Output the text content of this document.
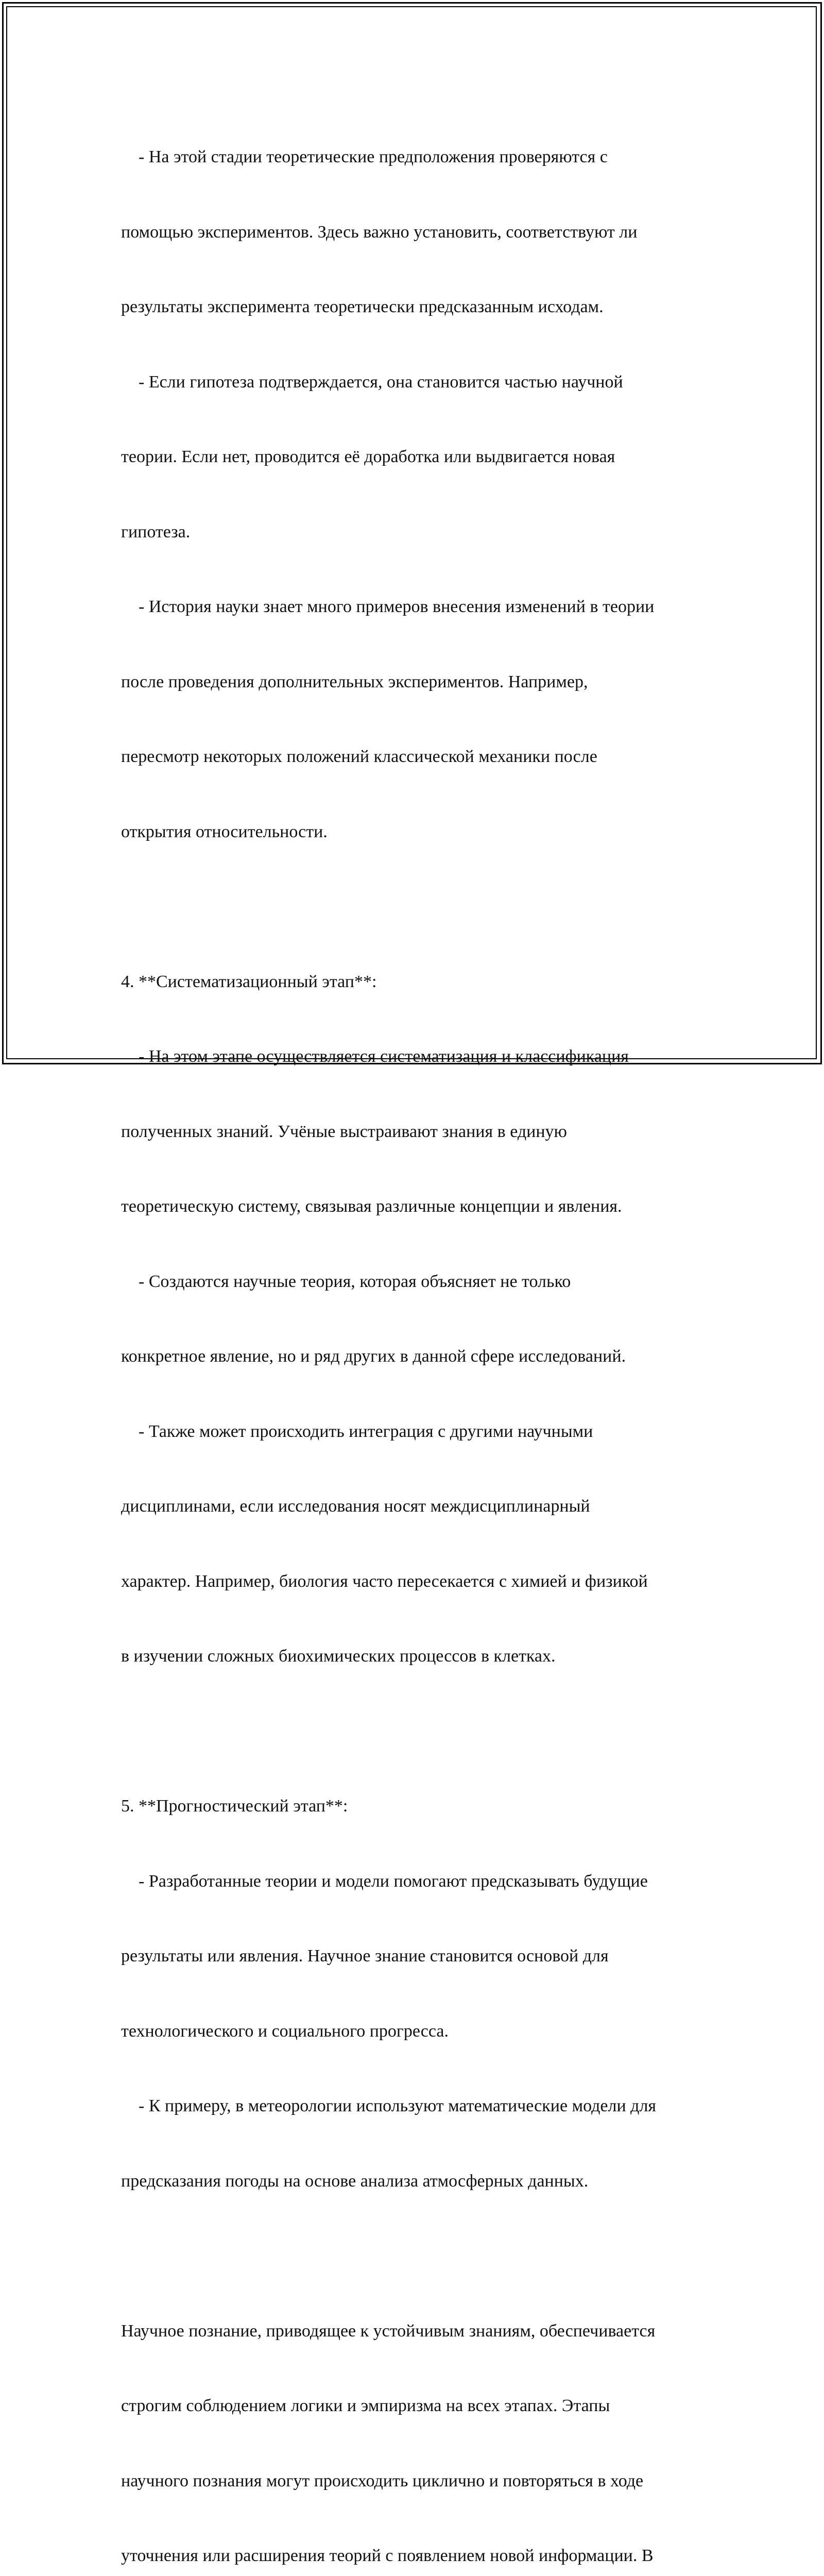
- На этой стадии теоретические предположения проверяются с

помощью экспериментов. Здесь важно установить, соответствуют ли

результаты эксперимента теоретически предсказанным исходам.

- Если гипотеза подтверждается, она становится частью научной

теории. Если нет, проводится её доработка или выдвигается новая

гипотеза.

- История науки знает много примеров внесения изменений в теории

после проведения дополнительных экспериментов. Например,

пересмотр некоторых положений классической механики после

открытия относительности.

4. **Систематизационный этап**:

- На этом этапе осуществляется систематизация и классификация

полученных знаний. Учёные выстраивают знания в единую

теоретическую систему, связывая различные концепции и явления.

- Создаются научные теория, которая объясняет не только

конкретное явление, но и ряд других в данной сфере исследований.

- Также может происходить интеграция с другими научными

дисциплинами, если исследования носят междисциплинарный

характер. Например, биология часто пересекается с химией и физикой

в изучении сложных биохимических процессов в клетках.

5. **Прогностический этап**:

- Разработанные теории и модели помогают предсказывать будущие

результаты или явления. Научное знание становится основой для

технологического и социального прогресса.

- К примеру, в метеорологии используют математические модели для

предсказания погоды на основе анализа атмосферных данных.

Научное познание, приводящее к устойчивым знаниям, обеспечивается

строгим соблюдением логики и эмпиризма на всех этапах. Этапы

научного познания могут происходить циклично и повторяться в ходе

уточнения или расширения теорий с появлением новой информации. В
